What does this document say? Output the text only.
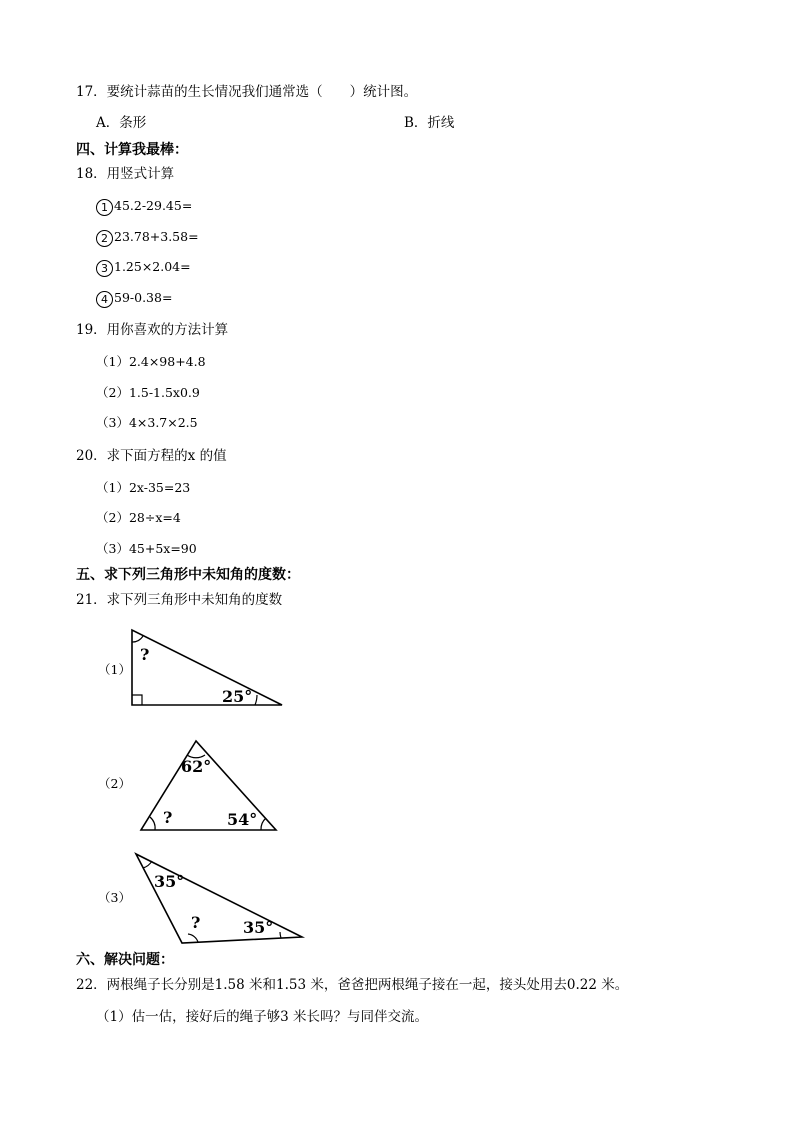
17．要统计蒜苗的生长情况我们通常选（　　）统计图。
A．条形	B．折线
四、计算我最棒：
18．用竖式计算
1 45.2-29.45=
2 23.78+3.58=
3 1.25×2.04=
4 59-0.38=
19．用你喜欢的方法计算
（1）2.4×98+4.8
（2）1.5-1.5x0.9
（3）4×3.7×2.5
20．求下面方程的x 的值
（1）2x-35=23
（2）28÷x=4
（3）45+5x=90
五、求下列三角形中未知角的度数：
21．求下列三角形中未知角的度数
（1）
?
25°
（2）
62°
?	54°
（3）
35°
?	35°
六、解决问题：
22．两根绳子长分别是1.58 米和1.53 米，爸爸把两根绳子接在一起，接头处用去0.22 米。
（1）估一估，接好后的绳子够3 米长吗？与同伴交流。
